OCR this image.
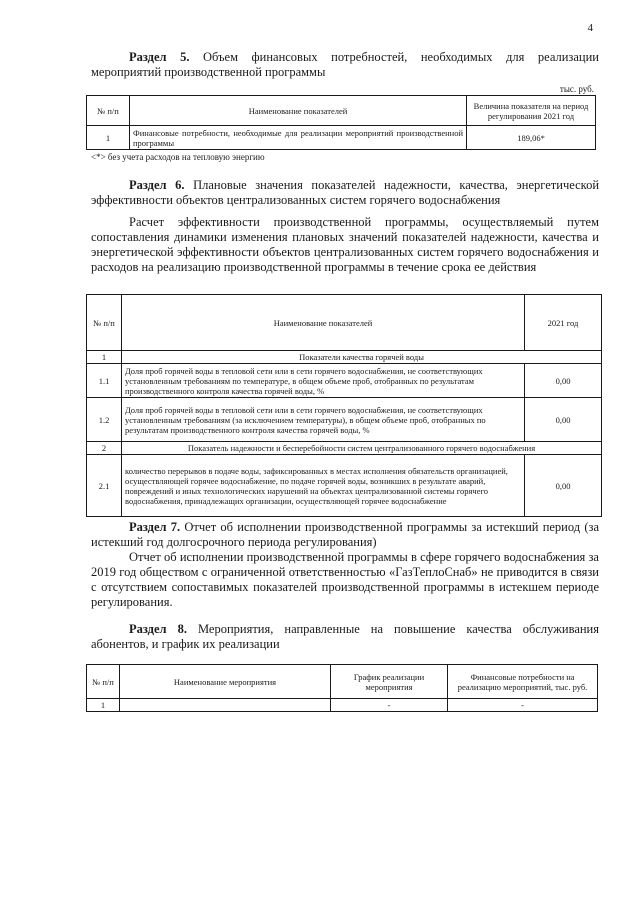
4
Раздел 5. Объем финансовых потребностей, необходимых для реализации мероприятий производственной программы
тыс. руб.
№ п/п	Наименование показателей	Величина показателя на период регулирования 2021 год
1	Финансовые потребности, необходимые для реализации мероприятий производственной программы	189,06*
<*> без учета расходов на тепловую энергию
Раздел 6. Плановые значения показателей надежности, качества, энергетической эффективности объектов централизованных систем горячего водоснабжения
Расчет эффективности производственной программы, осуществляемый путем сопоставления динамики изменения плановых значений показателей надежности, качества и энергетической эффективности объектов централизованных систем горячего водоснабжения и расходов на реализацию производственной программы в течение срока ее действия
№ п/п	Наименование показателей	2021 год
1	Показатели качества горячей воды	
1.1	Доля проб горячей воды в тепловой сети или в сети горячего водоснабжения, не соответствующих установленным требованиям по температуре, в общем объеме проб, отобранных по результатам производственного контроля качества горячей воды, %	0,00
1.2	Доля проб горячей воды в тепловой сети или в сети горячего водоснабжения, не соответствующих установленным требованиям (за исключением температуры), в общем объеме проб, отобранных по результатам производственного контроля качества горячей воды, %	0,00
2	Показатель надежности и бесперебойности систем централизованного горячего водоснабжения	
2.1	количество перерывов в подаче воды, зафиксированных в местах исполнения обязательств организацией, осуществляющей горячее водоснабжение, по подаче горячей воды, возникших в результате аварий, повреждений и иных технологических нарушений на объектах централизованной системы горячего водоснабжения, принадлежащих организации, осуществляющей горячее водоснабжение	0,00
Раздел 7. Отчет об исполнении производственной программы за истекший период (за истекший год долгосрочного периода регулирования)
Отчет об исполнении производственной программы в сфере горячего водоснабжения за 2019 год обществом с ограниченной ответственностью «ГазТеплоСнаб» не приводится в связи с отсутствием сопоставимых показателей производственной программы в истекшем периоде регулирования.
Раздел 8. Мероприятия, направленные на повышение качества обслуживания абонентов, и график их реализации
№ п/п	Наименование мероприятия	График реализации мероприятия	Финансовые потребности на реализацию мероприятий, тыс. руб.
1		-	-
